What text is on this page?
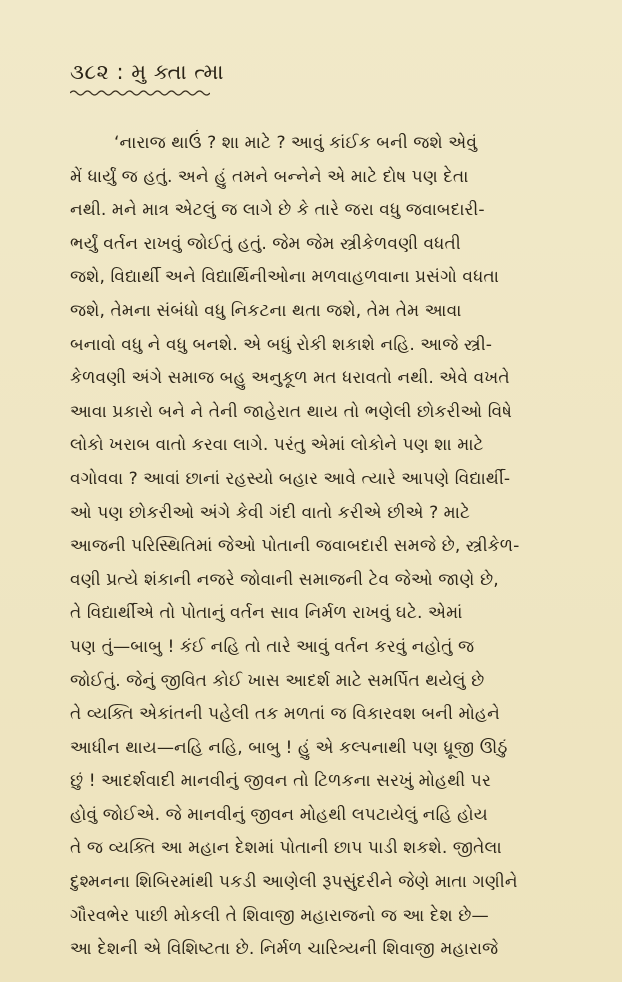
૩૮૨ : મુ ક્તા ત્મા
‘નારાજ થાઉં ? શા માટે ? આવું કાંઈક બની જશે એવું
મેં ધાર્યું જ હતું. અને હું તમને બન્નેને એ માટે દોષ પણ દેતા
નથી. મને માત્ર એટલું જ લાગે છે કે તારે જરા વધુ જવાબદારી-
ભર્યું વર્તન રાખવું જોઈતું હતું. જેમ જેમ સ્ત્રીકેળવણી વધતી
જશે, વિદ્યાર્થી અને વિદ્યાર્થિનીઓના મળવાહળવાના પ્રસંગો વધતા
જશે, તેમના સંબંધો વધુ નિકટના થતા જશે, તેમ તેમ આવા
બનાવો વધુ ને વધુ બનશે. એ બધું રોકી શકાશે નહિ. આજે સ્ત્રી-
કેળવણી અંગે સમાજ બહુ અનુકૂળ મત ધરાવતો નથી. એવે વખતે
આવા પ્રકારો બને ને તેની જાહેરાત થાય તો ભણેલી છોકરીઓ વિષે
લોકો ખરાબ વાતો કરવા લાગે. પરંતુ એમાં લોકોને પણ શા માટે
વગોવવા ? આવાં છાનાં રહસ્યો બહાર આવે ત્યારે આપણે વિદ્યાર્થી-
ઓ પણ છોકરીઓ અંગે કેવી ગંદી વાતો કરીએ છીએ ? માટે
આજની પરિસ્થિતિમાં જેઓ પોતાની જવાબદારી સમજે છે, સ્ત્રીકેળ-
વણી પ્રત્યે શંકાની નજરે જોવાની સમાજની ટેવ જેઓ જાણે છે,
તે વિદ્યાર્થીએ તો પોતાનું વર્તન સાવ નિર્મળ રાખવું ઘટે. એમાં
પણ તું—બાબુ ! કંઈ નહિ તો તારે આવું વર્તન કરવું નહોતું જ
જોઈતું. જેનું જીવિત કોઈ ખાસ આદર્શ માટે સમર્પિત થયેલું છે
તે વ્યક્તિ એકાંતની પહેલી તક મળતાં જ વિકારવશ બની મોહને
આધીન થાય—નહિ નહિ, બાબુ ! હું એ કલ્પનાથી પણ ધ્રૂજી ઊઠું
છું ! આદર્શવાદી માનવીનું જીવન તો ટિળકના સરખું મોહથી પર
હોવું જોઈએ. જે માનવીનું જીવન મોહથી લપટાયેલું નહિ હોય
તે જ વ્યક્તિ આ મહાન દેશમાં પોતાની છાપ પાડી શકશે. જીતેલા
દુશ્મનના શિબિરમાંથી પકડી આણેલી રૂપસુંદરીને જેણે માતા ગણીને
ગૌરવભેર પાછી મોકલી તે શિવાજી મહારાજનો જ આ દેશ છે—
આ દેશની એ વિશિષ્ટતા છે. નિર્મળ ચારિત્ર્યની શિવાજી મહારાજે
